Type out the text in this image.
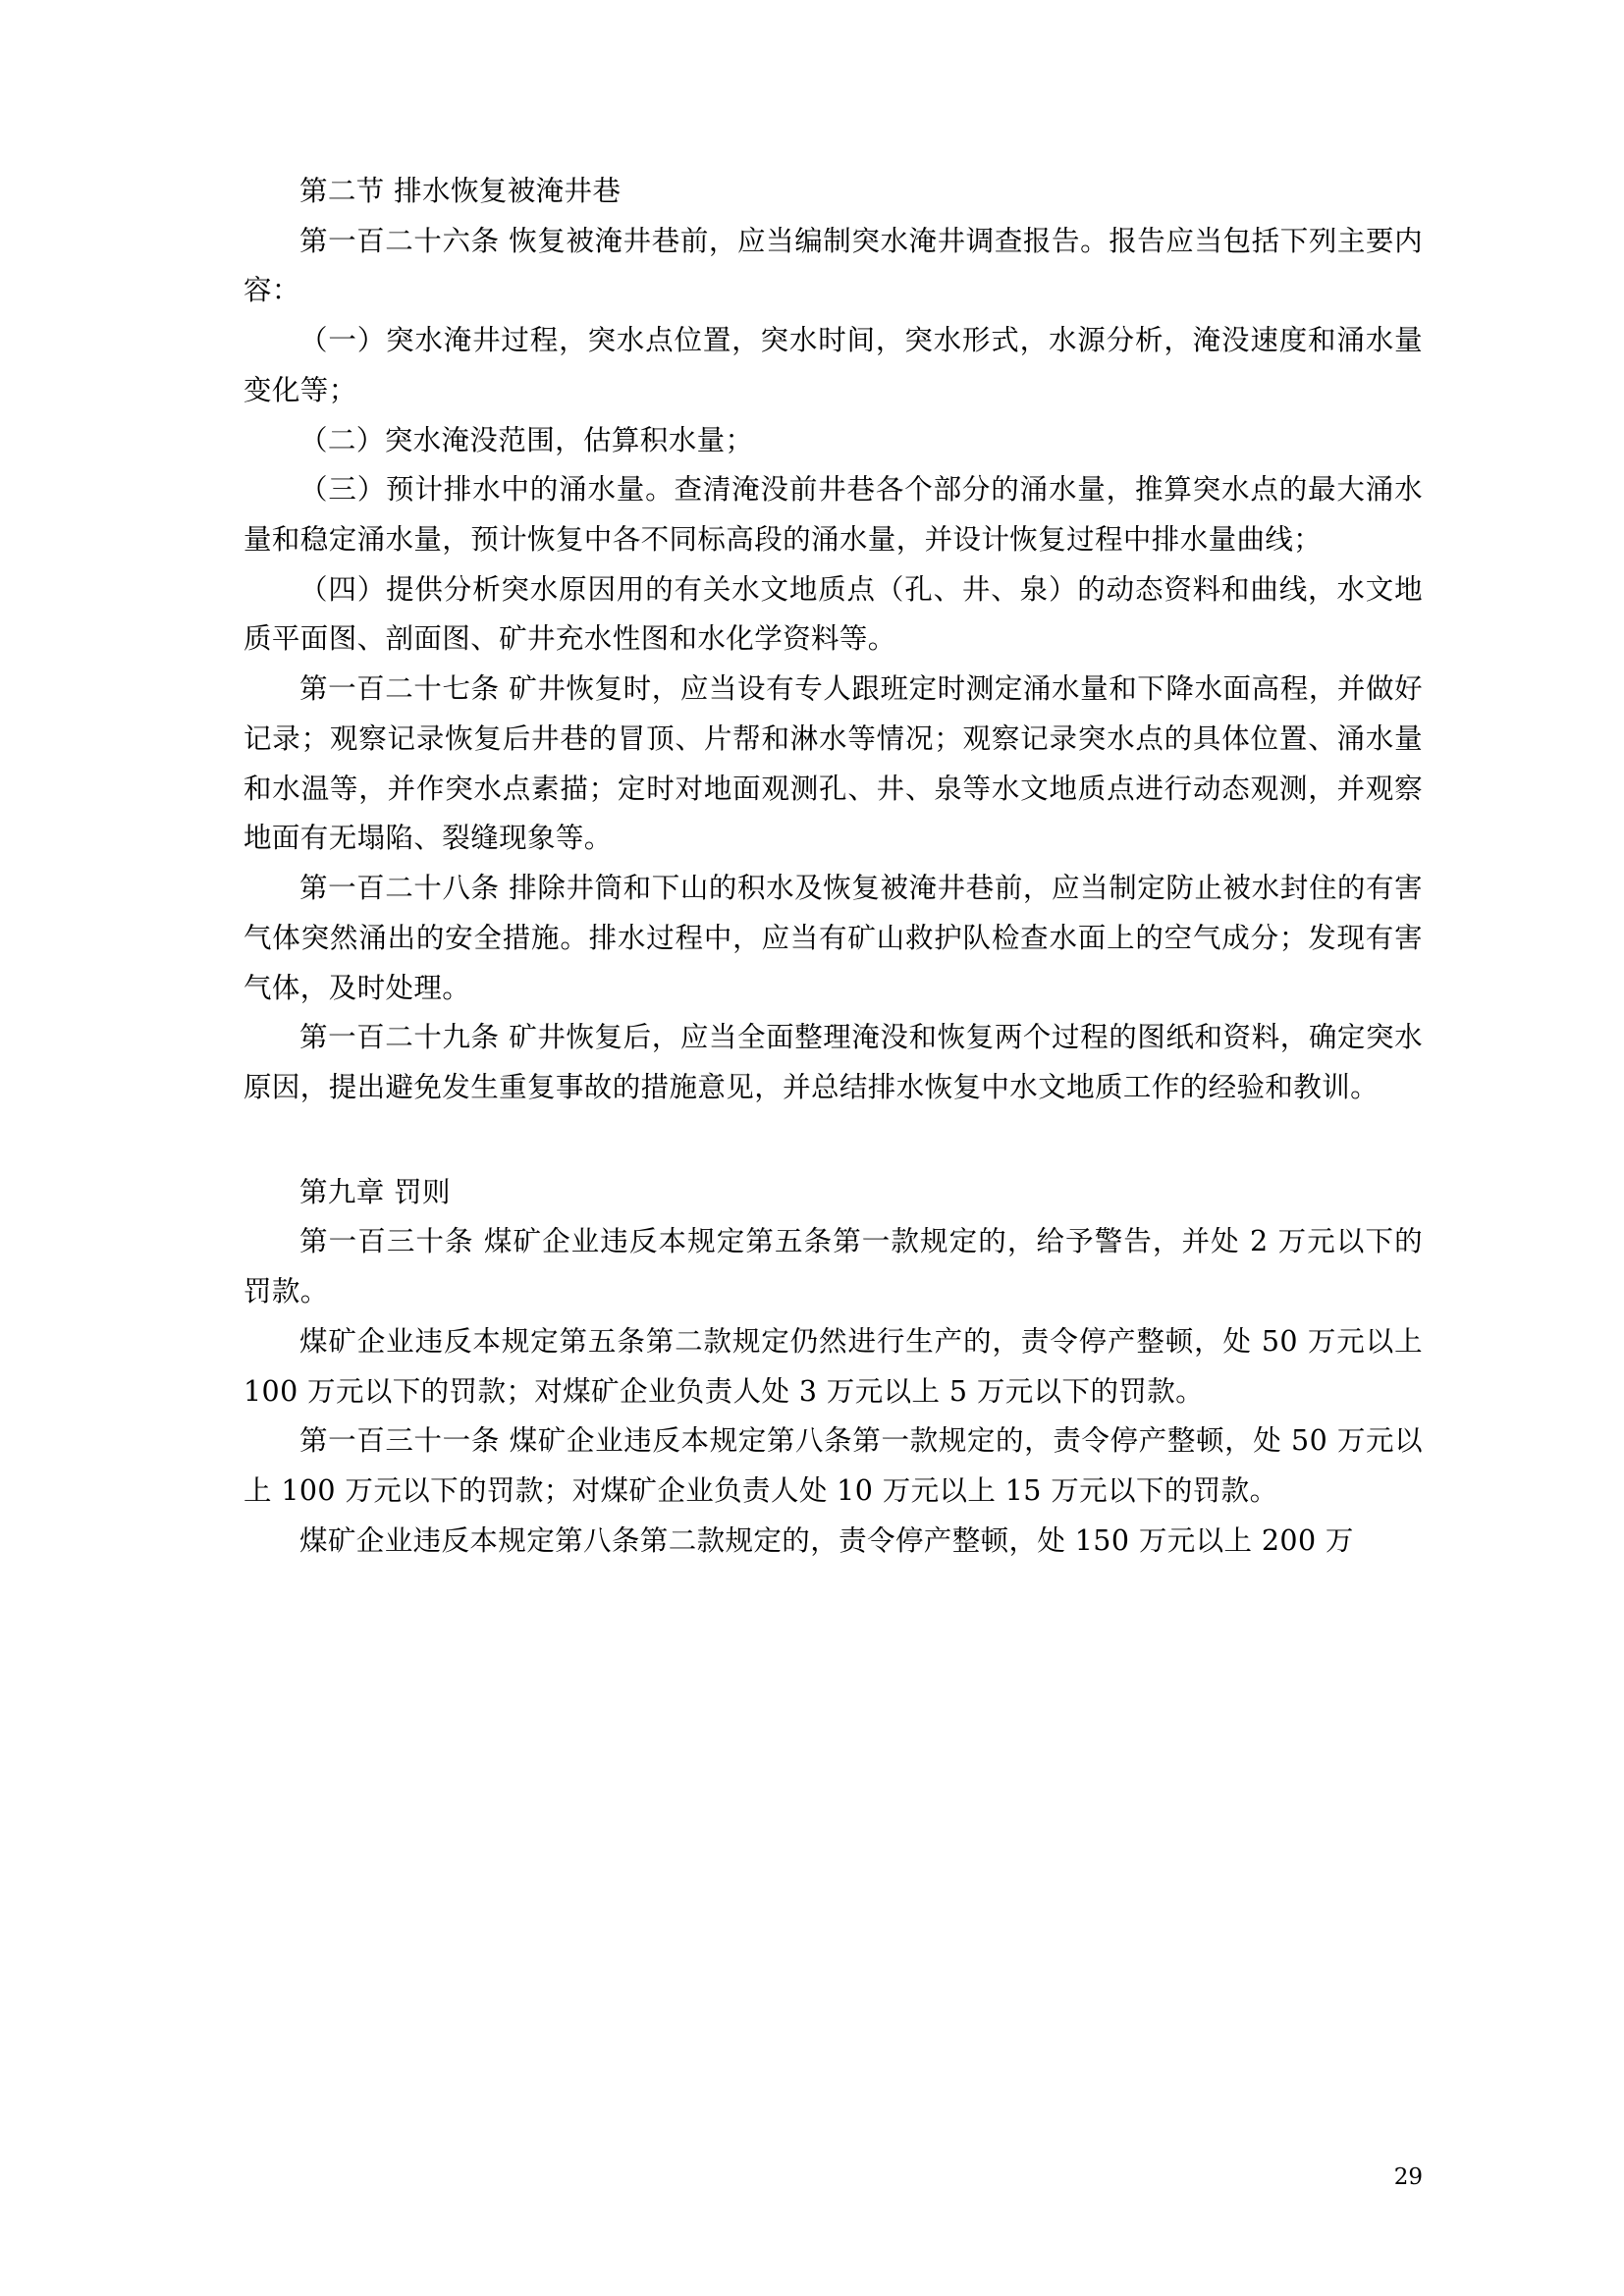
第二节 排水恢复被淹井巷

第一百二十六条 恢复被淹井巷前，应当编制突水淹井调查报告。报告应当包括下列主要内容：

（一）突水淹井过程，突水点位置，突水时间，突水形式，水源分析，淹没速度和涌水量变化等；

（二）突水淹没范围，估算积水量；

（三）预计排水中的涌水量。查清淹没前井巷各个部分的涌水量，推算突水点的最大涌水量和稳定涌水量，预计恢复中各不同标高段的涌水量，并设计恢复过程中排水量曲线；

（四）提供分析突水原因用的有关水文地质点（孔、井、泉）的动态资料和曲线，水文地质平面图、剖面图、矿井充水性图和水化学资料等。

第一百二十七条 矿井恢复时，应当设有专人跟班定时测定涌水量和下降水面高程，并做好记录；观察记录恢复后井巷的冒顶、片帮和淋水等情况；观察记录突水点的具体位置、涌水量和水温等，并作突水点素描；定时对地面观测孔、井、泉等水文地质点进行动态观测，并观察地面有无塌陷、裂缝现象等。

第一百二十八条 排除井筒和下山的积水及恢复被淹井巷前，应当制定防止被水封住的有害气体突然涌出的安全措施。排水过程中，应当有矿山救护队检查水面上的空气成分；发现有害气体，及时处理。

第一百二十九条 矿井恢复后，应当全面整理淹没和恢复两个过程的图纸和资料，确定突水原因，提出避免发生重复事故的措施意见，并总结排水恢复中水文地质工作的经验和教训。

第九章 罚则

第一百三十条 煤矿企业违反本规定第五条第一款规定的，给予警告，并处 2 万元以下的罚款。

煤矿企业违反本规定第五条第二款规定仍然进行生产的，责令停产整顿，处 50 万元以上 100 万元以下的罚款；对煤矿企业负责人处 3 万元以上 5 万元以下的罚款。

第一百三十一条 煤矿企业违反本规定第八条第一款规定的，责令停产整顿，处 50 万元以上 100 万元以下的罚款；对煤矿企业负责人处 10 万元以上 15 万元以下的罚款。

煤矿企业违反本规定第八条第二款规定的，责令停产整顿，处 150 万元以上 200 万

29
